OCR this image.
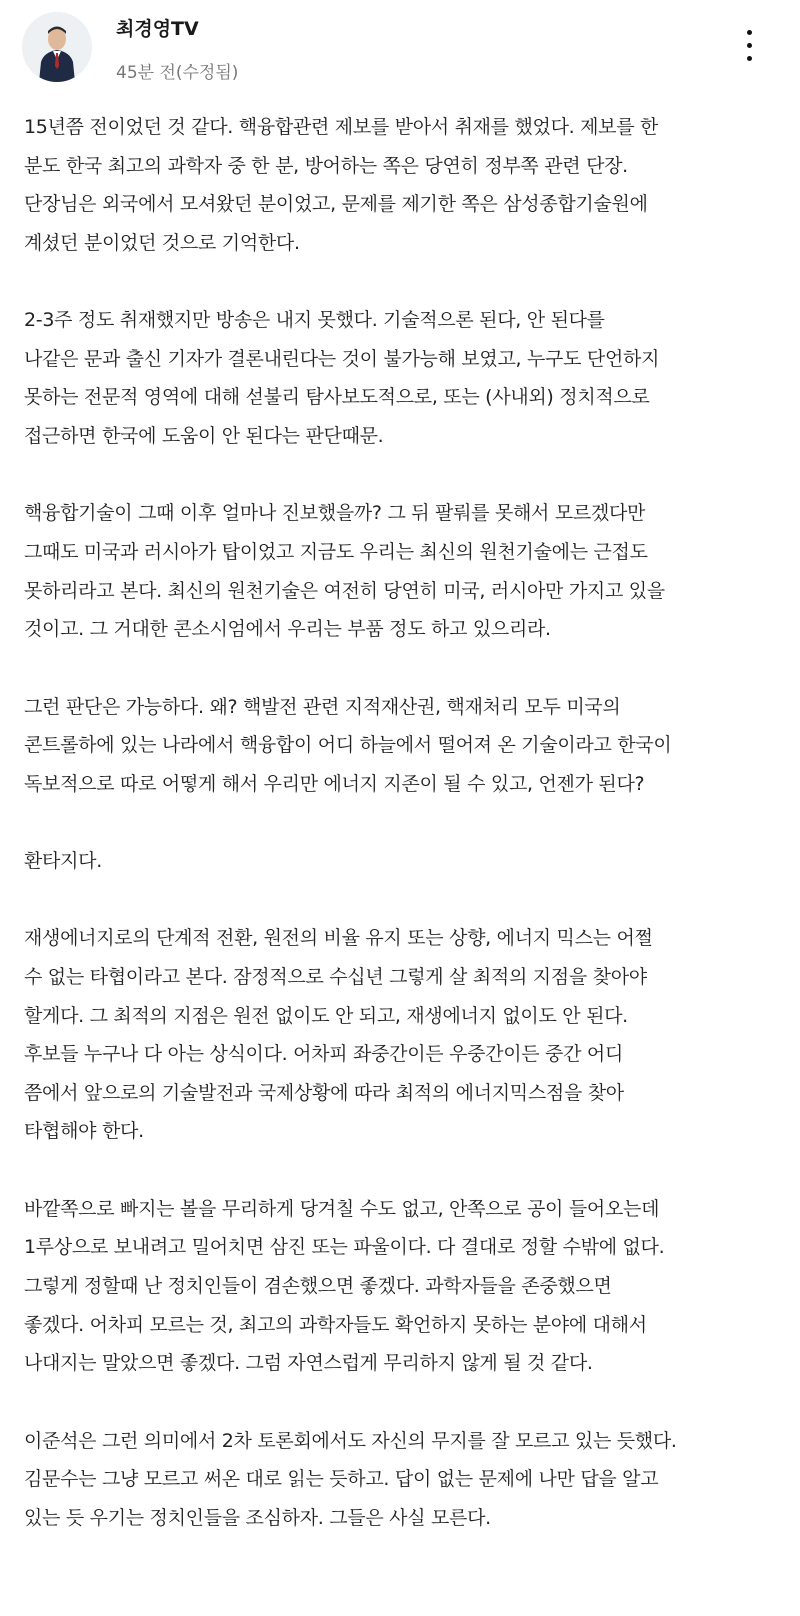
최경영TV
45분 전(수정됨)
15년쯤 전이었던 것 같다. 핵융합관련 제보를 받아서 취재를 했었다. 제보를 한
분도 한국 최고의 과학자 중 한 분, 방어하는 쪽은 당연히 정부쪽 관련 단장.
단장님은 외국에서 모셔왔던 분이었고, 문제를 제기한 쪽은 삼성종합기술원에
계셨던 분이었던 것으로 기억한다.
2-3주 정도 취재했지만 방송은 내지 못했다. 기술적으론 된다, 안 된다를
나같은 문과 출신 기자가 결론내린다는 것이 불가능해 보였고, 누구도 단언하지
못하는 전문적 영역에 대해 섣불리 탐사보도적으로, 또는 (사내외) 정치적으로
접근하면 한국에 도움이 안 된다는 판단때문.
핵융합기술이 그때 이후 얼마나 진보했을까? 그 뒤 팔뤄를 못해서 모르겠다만
그때도 미국과 러시아가 탑이었고 지금도 우리는 최신의 원천기술에는 근접도
못하리라고 본다. 최신의 원천기술은 여전히 당연히 미국, 러시아만 가지고 있을
것이고. 그 거대한 콘소시엄에서 우리는 부품 정도 하고 있으리라.
그런 판단은 가능하다. 왜? 핵발전 관련 지적재산권, 핵재처리 모두 미국의
콘트롤하에 있는 나라에서 핵융합이 어디 하늘에서 떨어져 온 기술이라고 한국이
독보적으로 따로 어떻게 해서 우리만 에너지 지존이 될 수 있고, 언젠가 된다?
환타지다.
재생에너지로의 단계적 전환, 원전의 비율 유지 또는 상향, 에너지 믹스는 어쩔
수 없는 타협이라고 본다. 잠정적으로 수십년 그렇게 살 최적의 지점을 찾아야
할게다. 그 최적의 지점은 원전 없이도 안 되고, 재생에너지 없이도 안 된다.
후보들 누구나 다 아는 상식이다. 어차피 좌중간이든 우중간이든 중간 어디
쯤에서 앞으로의 기술발전과 국제상황에 따라 최적의 에너지믹스점을 찾아
타협해야 한다.
바깥쪽으로 빠지는 볼을 무리하게 당겨칠 수도 없고, 안쪽으로 공이 들어오는데
1루상으로 보내려고 밀어치면 삼진 또는 파울이다. 다 결대로 정할 수밖에 없다.
그렇게 정할때 난 정치인들이 겸손했으면 좋겠다. 과학자들을 존중했으면
좋겠다. 어차피 모르는 것, 최고의 과학자들도 확언하지 못하는 분야에 대해서
나대지는 말았으면 좋겠다. 그럼 자연스럽게 무리하지 않게 될 것 같다.
이준석은 그런 의미에서 2차 토론회에서도 자신의 무지를 잘 모르고 있는 듯했다.
김문수는 그냥 모르고 써온 대로 읽는 듯하고. 답이 없는 문제에 나만 답을 알고
있는 듯 우기는 정치인들을 조심하자. 그들은 사실 모른다.
